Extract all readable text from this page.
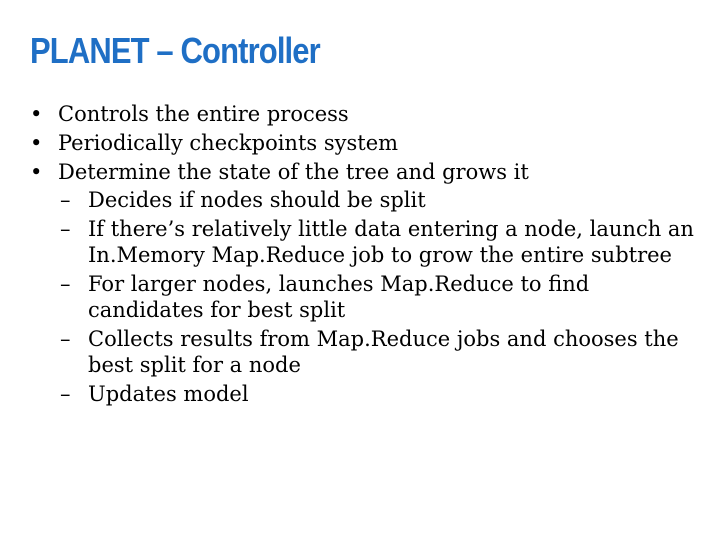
PLANET – Controller
• Controls the entire process
• Periodically checkpoints system
• Determine the state of the tree and grows it
– Decides if nodes should be split
– If there’s relatively little data entering a node, launch an In.Memory Map.Reduce job to grow the entire subtree
– For larger nodes, launches Map.Reduce to find candidates for best split
– Collects results from Map.Reduce jobs and chooses the best split for a node
– Updates model
